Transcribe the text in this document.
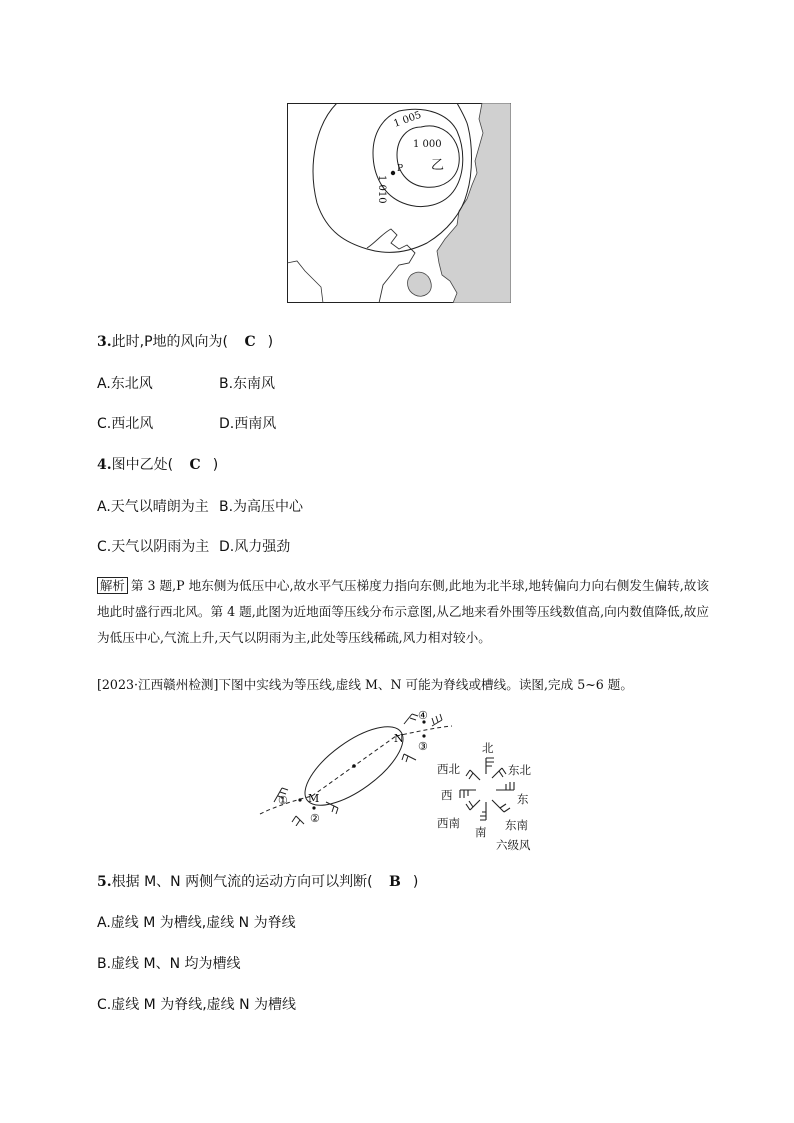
1 000
1 005
1 010
乙
P
3.此时,P地的风向为( C )
A.东北风	B.东南风
C.西北风	D.西南风
4.图中乙处( C )
A.天气以晴朗为主 B.为高压中心
C.天气以阴雨为主 D.风力强劲
解析 第 3 题,P 地东侧为低压中心,故水平气压梯度力指向东侧,此地为北半球,地转偏向力向右侧发生偏转,故该地此时盛行西北风。第 4 题,此图为近地面等压线分布示意图,从乙地来看外围等压线数值高,向内数值降低,故应为低压中心,气流上升,天气以阴雨为主,此处等压线稀疏,风力相对较小。
[2023·江西赣州检测]下图中实线为等压线,虚线 M、N 可能为脊线或槽线。读图,完成 5~6 题。
M
N
①
②
③
④
北
东北
西北
西	东
西南
南 东南
六级风
5.根据 M、N 两侧气流的运动方向可以判断( B )
A.虚线 M 为槽线,虚线 N 为脊线
B.虚线 M、N 均为槽线
C.虚线 M 为脊线,虚线 N 为槽线
